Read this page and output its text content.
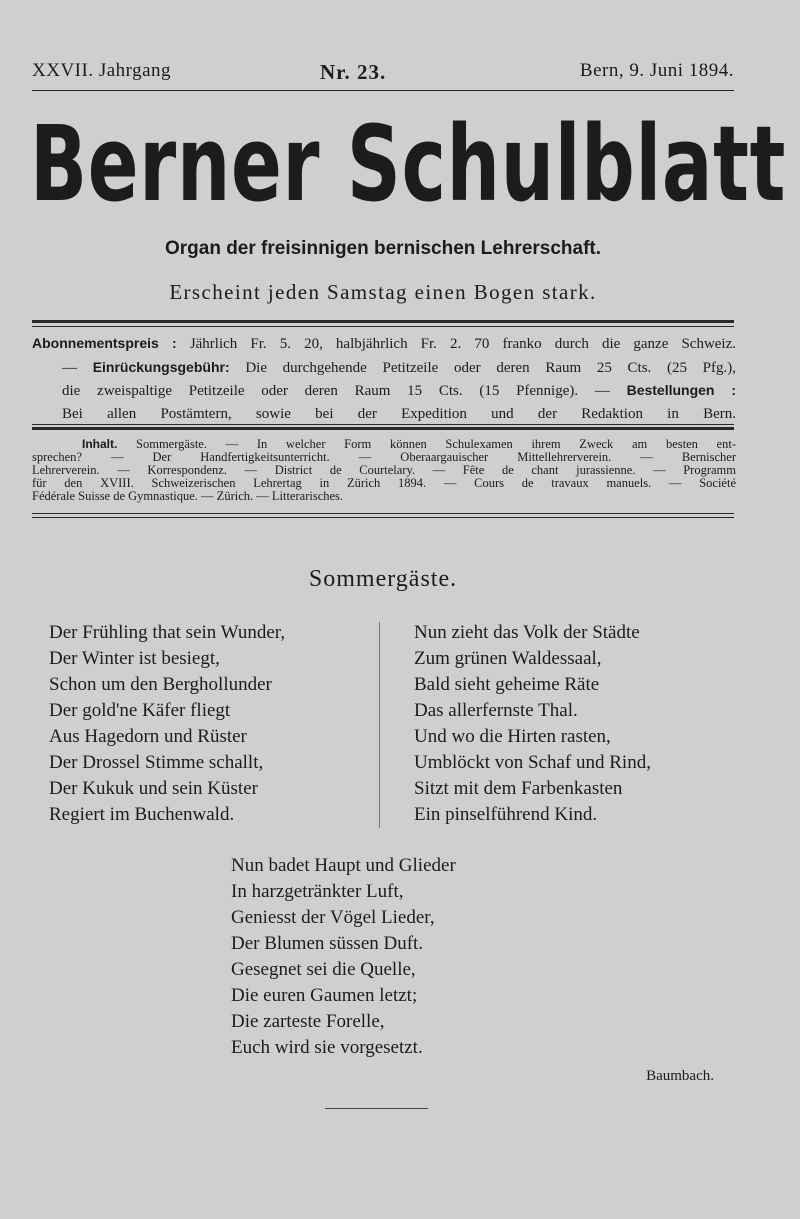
XXVII. Jahrgang	Nr. 23.	Bern, 9. Juni 1894.
Berner Schulblatt
Organ der freisinnigen bernischen Lehrerschaft.
Erscheint jeden Samstag einen Bogen stark.
Abonnementspreis : Jährlich Fr. 5. 20, halbjährlich Fr. 2. 70 franko durch die ganze Schweiz.
— Einrückungsgebühr: Die durchgehende Petitzeile oder deren Raum 25 Cts. (25 Pfg.),
die zweispaltige Petitzeile oder deren Raum 15 Cts. (15 Pfennige). — Bestellungen :
Bei allen Postämtern, sowie bei der Expedition und der Redaktion in Bern.
Inhalt. Sommergäste. — In welcher Form können Schulexamen ihrem Zweck am besten ent-
sprechen? — Der Handfertigkeitsunterricht. — Oberaargauischer Mittellehrerverein. — Bernischer
Lehrerverein. — Korrespondenz. — District de Courtelary. — Fête de chant jurassienne. — Programm
für den XVIII. Schweizerischen Lehrertag in Zürich 1894. — Cours de travaux manuels. — Société
Fédérale Suisse de Gymnastique. — Zürich. — Litterarisches.
Sommergäste.
Der Frühling that sein Wunder,
Der Winter ist besiegt,
Schon um den Berghollunder
Der gold'ne Käfer fliegt
Aus Hagedorn und Rüster
Der Drossel Stimme schallt,
Der Kukuk und sein Küster
Regiert im Buchenwald.
Nun zieht das Volk der Städte
Zum grünen Waldessaal,
Bald sieht geheime Räte
Das allerfernste Thal.
Und wo die Hirten rasten,
Umblöckt von Schaf und Rind,
Sitzt mit dem Farbenkasten
Ein pinselführend Kind.
Nun badet Haupt und Glieder
In harzgetränkter Luft,
Geniesst der Vögel Lieder,
Der Blumen süssen Duft.
Gesegnet sei die Quelle,
Die euren Gaumen letzt;
Die zarteste Forelle,
Euch wird sie vorgesetzt.
Baumbach.
